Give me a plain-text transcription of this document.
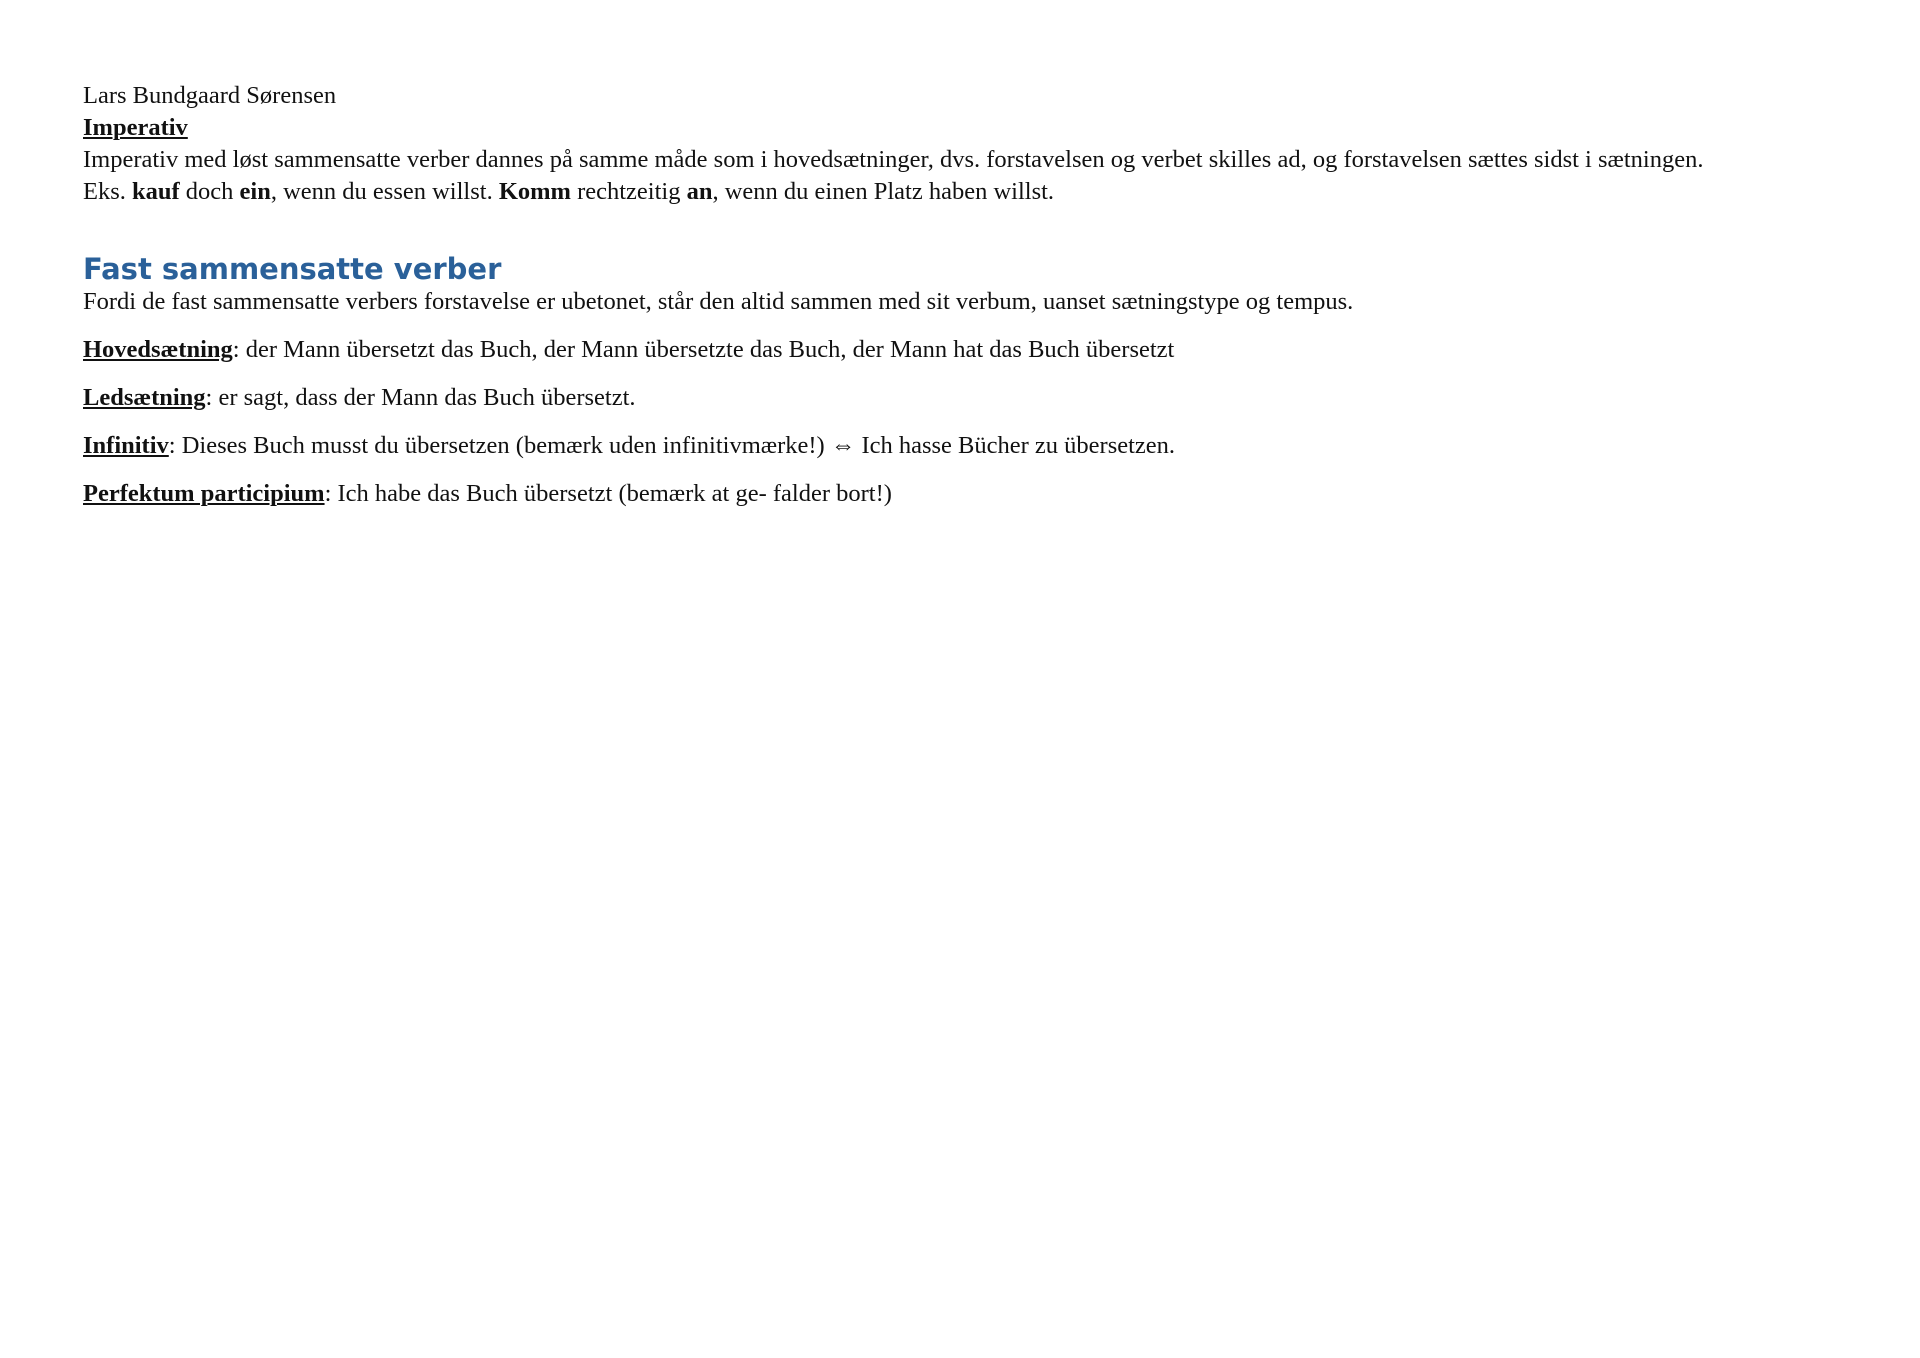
Lars Bundgaard Sørensen

Imperativ

Imperativ med løst sammensatte verber dannes på samme måde som i hovedsætninger, dvs. forstavelsen og verbet skilles ad, og forstavelsen sættes sidst i sætningen.

Eks. kauf doch ein, wenn du essen willst. Komm rechtzeitig an, wenn du einen Platz haben willst.

Fast sammensatte verber

Fordi de fast sammensatte verbers forstavelse er ubetonet, står den altid sammen med sit verbum, uanset sætningstype og tempus.

Hovedsætning: der Mann übersetzt das Buch, der Mann übersetzte das Buch, der Mann hat das Buch übersetzt

Ledsætning: er sagt, dass der Mann das Buch übersetzt.

Infinitiv: Dieses Buch musst du übersetzen (bemærk uden infinitivmærke!) ⇔ Ich hasse Bücher zu übersetzen.

Perfektum participium: Ich habe das Buch übersetzt (bemærk at ge- falder bort!)
